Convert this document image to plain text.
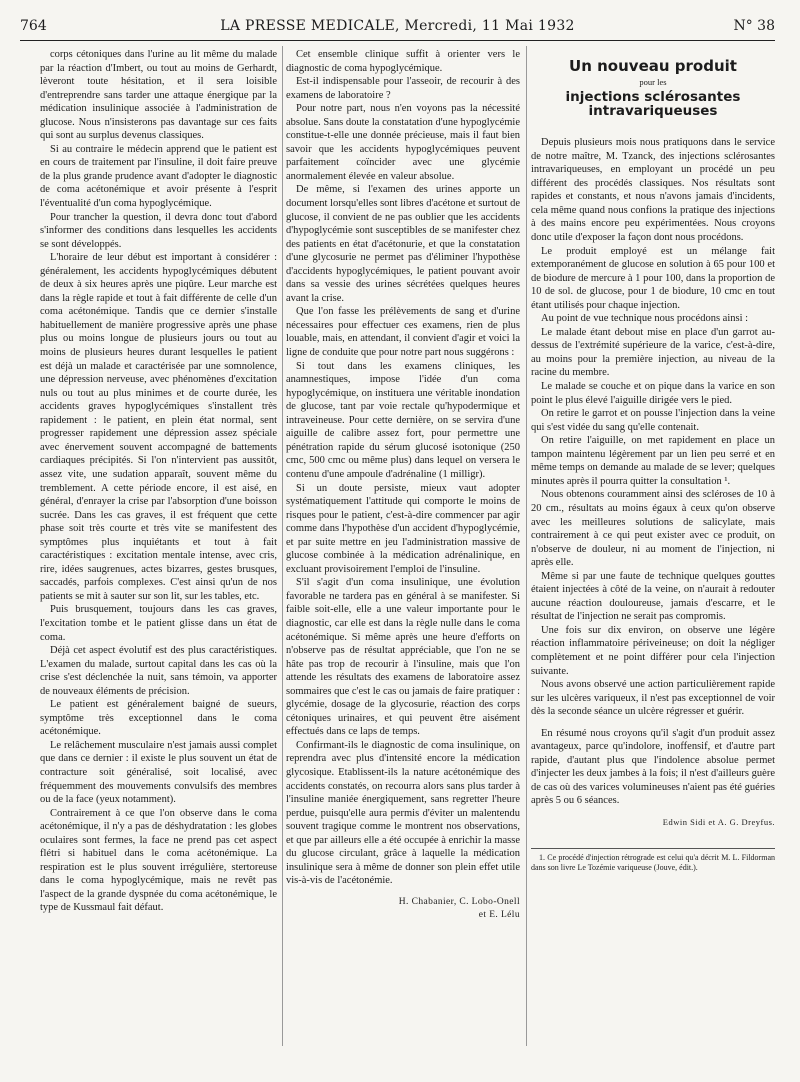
764	LA PRESSE MEDICALE, Mercredi, 11 Mai 1932	N° 38

corps cétoniques dans l'urine au lit même du malade par la réaction d'Imbert, ou tout au moins de Gerhardt, lèveront toute hésitation, et il sera loisible d'entreprendre sans tarder une attaque énergique par la médication insulinique associée à l'administration de glucose. Nous n'insisterons pas davantage sur ces faits qui sont au surplus devenus classiques.

Si au contraire le médecin apprend que le patient est en cours de traitement par l'insuline, il doit faire preuve de la plus grande prudence avant d'adopter le diagnostic de coma acétonémique et avoir présente à l'esprit l'éventualité d'un coma hypoglycémique.

Pour trancher la question, il devra donc tout d'abord s'informer des conditions dans lesquelles les accidents se sont développés.

L'horaire de leur début est important à considérer : généralement, les accidents hypoglycémiques débutent de deux à six heures après une piqûre. Leur marche est dans la règle rapide et tout à fait différente de celle d'un coma acétonémique. Tandis que ce dernier s'installe habituellement de manière progressive après une phase plus ou moins longue de plusieurs jours ou tout au moins de plusieurs heures durant lesquelles le patient est déjà un malade et caractérisée par une somnolence, une dépression nerveuse, avec phénomènes d'excitation nuls ou tout au plus minimes et de courte durée, les accidents graves hypoglycémiques s'installent très rapidement : le patient, en plein état normal, sent progresser rapidement une dépression assez spéciale avec énervement souvent accompagné de battements cardiaques précipités. Si l'on n'intervient pas aussitôt, assez vite, une sudation apparaît, souvent même du tremblement. A cette période encore, il est aisé, en général, d'enrayer la crise par l'absorption d'une boisson sucrée. Dans les cas graves, il est fréquent que cette phase soit très courte et très vite se manifestent des symptômes plus inquiétants et tout à fait caractéristiques : excitation mentale intense, avec cris, rire, idées saugrenues, actes bizarres, gestes brusques, saccadés, parfois complexes. C'est ainsi qu'un de nos patients se mit à sauter sur son lit, sur les tables, etc.

Puis brusquement, toujours dans les cas graves, l'excitation tombe et le patient glisse dans un état de coma.

Déjà cet aspect évolutif est des plus caractéristiques. L'examen du malade, surtout capital dans les cas où la crise s'est déclenchée la nuit, sans témoin, va apporter de nouveaux éléments de précision.

Le patient est généralement baigné de sueurs, symptôme très exceptionnel dans le coma acétonémique.

Le relâchement musculaire n'est jamais aussi complet que dans ce dernier : il existe le plus souvent un état de contracture soit généralisé, soit localisé, avec fréquemment des mouvements convulsifs des membres ou de la face (yeux notamment).

Contrairement à ce que l'on observe dans le coma acétonémique, il n'y a pas de déshydratation : les globes oculaires sont fermes, la face ne prend pas cet aspect flétri si habituel dans le coma acétonémique. La respiration est le plus souvent irrégulière, stertoreuse dans le coma hypoglycémique, mais ne revêt pas l'aspect de la grande dyspnée du coma acétonémique, le type de Kussmaul fait défaut.

Cet ensemble clinique suffit à orienter vers le diagnostic de coma hypoglycémique.

Est-il indispensable pour l'asseoir, de recourir à des examens de laboratoire ?

Pour notre part, nous n'en voyons pas la nécessité absolue. Sans doute la constatation d'une hypoglycémie constitue-t-elle une donnée précieuse, mais il faut bien savoir que les accidents hypoglycémiques peuvent parfaitement coïncider avec une glycémie anormalement élevée en valeur absolue.

De même, si l'examen des urines apporte un document lorsqu'elles sont libres d'acétone et surtout de glucose, il convient de ne pas oublier que les accidents d'hypoglycémie sont susceptibles de se manifester chez des patients en état d'acétonurie, et que la constatation d'une glycosurie ne permet pas d'éliminer l'hypothèse d'accidents hypoglycémiques, le patient pouvant avoir dans sa vessie des urines sécrétées quelques heures avant la crise.

Que l'on fasse les prélèvements de sang et d'urine nécessaires pour effectuer ces examens, rien de plus louable, mais, en attendant, il convient d'agir et voici la ligne de conduite que pour notre part nous suggérons :

Si tout dans les examens cliniques, les anamnestiques, impose l'idée d'un coma hypoglycémique, on instituera une véritable inondation de glucose, tant par voie rectale qu'hypodermique et intraveineuse. Pour cette dernière, on se servira d'une aiguille de calibre assez fort, pour permettre une pénétration rapide du sérum glucosé isotonique (250 cmc, 500 cmc ou même plus) dans lequel on versera le contenu d'une ampoule d'adrénaline (1 milligr).

Si un doute persiste, mieux vaut adopter systématiquement l'attitude qui comporte le moins de risques pour le patient, c'est-à-dire commencer par agir comme dans l'hypothèse d'un accident d'hypoglycémie, et par suite mettre en jeu l'administration massive de glucose combinée à la médication adrénalinique, en excluant provisoirement l'emploi de l'insuline.

S'il s'agit d'un coma insulinique, une évolution favorable ne tardera pas en général à se manifester. Si faible soit-elle, elle a une valeur importante pour le diagnostic, car elle est dans la règle nulle dans le coma acétonémique. Si même après une heure d'efforts on n'observe pas de résultat appréciable, que l'on ne se hâte pas trop de recourir à l'insuline, mais que l'on attende les résultats des examens de laboratoire assez sommaires que c'est le cas ou jamais de faire pratiquer : glycémie, dosage de la glycosurie, réaction des corps cétoniques urinaires, et qui peuvent être aisément effectués dans ce laps de temps.

Confirmant-ils le diagnostic de coma insulinique, on reprendra avec plus d'intensité encore la médication glycosique. Etablissent-ils la nature acétonémique des accidents constatés, on recourra alors sans plus tarder à l'insuline maniée énergiquement, sans regretter l'heure perdue, puisqu'elle aura permis d'éviter un malentendu souvent tragique comme le montrent nos observations, et que par ailleurs elle a été occupée à enrichir la masse du glucose circulant, grâce à laquelle la médication insulinique sera à même de donner son plein effet utile vis-à-vis de l'acétonémie.

H. Chabanier, C. Lobo-Onell
et E. Lélu
Un nouveau produit
pour les
injections sclérosantes intravariqueuses

Depuis plusieurs mois nous pratiquons dans le service de notre maître, M. Tzanck, des injections sclérosantes intravariqueuses, en employant un procédé un peu différent des procédés classiques. Nos résultats sont rapides et constants, et nous n'avons jamais d'incidents, cela même quand nous confions la pratique des injections à des mains encore peu expérimentées. Nous croyons donc utile d'exposer la façon dont nous procédons.

Le produit employé est un mélange fait extemporanément de glucose en solution à 65 pour 100 et de biodure de mercure à 1 pour 100, dans la proportion de 10 de sol. de glucose, pour 1 de biodure, 10 cmc en tout étant utilisés pour chaque injection.

Au point de vue technique nous procédons ainsi :

Le malade étant debout mise en place d'un garrot au-dessus de l'extrémité supérieure de la varice, c'est-à-dire, au moins pour la première injection, au niveau de la racine du membre.

Le malade se couche et on pique dans la varice en son point le plus élevé l'aiguille dirigée vers le pied.

On retire le garrot et on pousse l'injection dans la veine qui s'est vidée du sang qu'elle contenait.

On retire l'aiguille, on met rapidement en place un tampon maintenu légèrement par un lien peu serré et en même temps on demande au malade de se lever; quelques minutes après il pourra quitter la consultation ¹.

Nous obtenons couramment ainsi des scléroses de 10 à 20 cm., résultats au moins égaux à ceux qu'on observe avec les meilleures solutions de salicylate, mais contrairement à ce qui peut exister avec ce produit, on n'observe de douleur, ni au moment de l'injection, ni après elle.

Même si par une faute de technique quelques gouttes étaient injectées à côté de la veine, on n'aurait à redouter aucune réaction douloureuse, jamais d'escarre, et le résultat de l'injection ne serait pas compromis.

Une fois sur dix environ, on observe une légère réaction inflammatoire périveineuse; on doit la négliger complètement et ne point différer pour cela l'injection suivante.

Nous avons observé une action particulièrement rapide sur les ulcères variqueux, il n'est pas exceptionnel de voir dès la seconde séance un ulcère régresser et guérir.

En résumé nous croyons qu'il s'agit d'un produit assez avantageux, parce qu'indolore, inoffensif, et d'autre part rapide, d'autant plus que l'indolence absolue permet d'injecter les deux jambes à la fois; il n'est d'ailleurs guère de cas où des varices volumineuses n'aient pas été guéries après 5 ou 6 séances.

Edwin Sidi et A. G. Dreyfus.

1. Ce procédé d'injection rétrograde est celui qu'a décrit M. L. Fildorman dans son livre Le Tozémie variqueuse (Jouve, édit.).
